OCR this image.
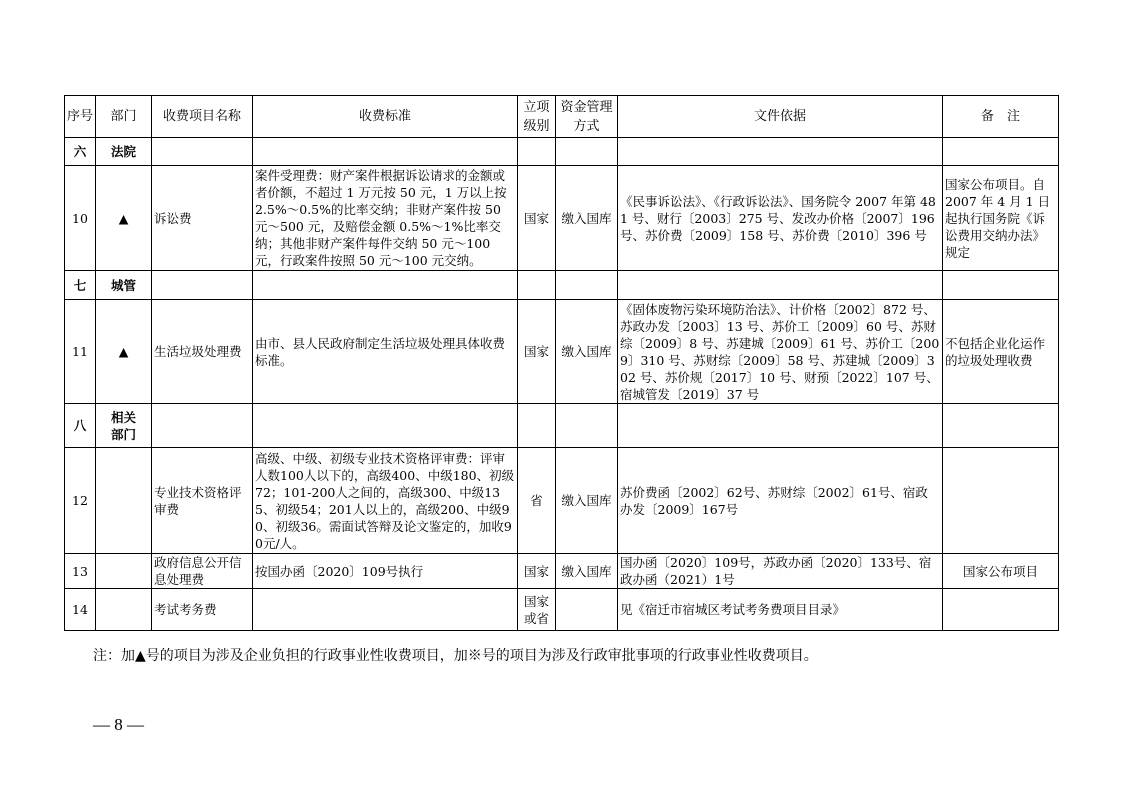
序号	部门	收费项目名称	收费标准	立项级别	资金管理方式	文件依据	备　注
六	法院						
10	▲	诉讼费	案件受理费：财产案件根据诉讼请求的金额或者价额，不超过 1 万元按 50 元，1 万以上按 2.5%～0.5%的比率交纳；非财产案件按 50 元～500 元，及赔偿金额 0.5%～1%比率交纳；其他非财产案件每件交纳 50 元～100 元，行政案件按照 50 元～100 元交纳。	国家	缴入国库	《民事诉讼法》、《行政诉讼法》、国务院令 2007 年第 481 号、财行〔2003〕275 号、发改办价格〔2007〕196 号、苏价费〔2009〕158 号、苏价费〔2010〕396 号	国家公布项目。自 2007 年 4 月 1 日起执行国务院《诉讼费用交纳办法》规定

七	城管						
11	▲	生活垃圾处理费	由市、县人民政府制定生活垃圾处理具体收费标准。	国家	缴入国库	《固体废物污染环境防治法》、计价格〔2002〕872 号、苏政办发〔2003〕13 号、苏价工〔2009〕60 号、苏财综〔2009〕8 号、苏建城〔2009〕61 号、苏价工〔2009〕310 号、苏财综〔2009〕58 号、苏建城〔2009〕302 号、苏价规〔2017〕10 号、财预〔2022〕107 号、宿城管发〔2019〕37 号	不包括企业化运作的垃圾处理收费

八	相关部门						

12		专业技术资格评审费	高级、中级、初级专业技术资格评审费：评审人数100人以下的，高级400、中级180、初级72；101-200人之间的，高级300、中级135、初级54；201人以上的，高级200、中级90、初级36。需面试答辩及论文鉴定的，加收90元/人。	省	缴入国库	苏价费函〔2002〕62号、苏财综〔2002〕61号、宿政办发〔2009〕167号	

13		政府信息公开信息处理费	按国办函〔2020〕109号执行	国家	缴入国库	国办函〔2020〕109号，苏政办函〔2020〕133号、宿政办函（2021）1号	国家公布项目

14		考试考务费		国家或省		见《宿迁市宿城区考试考务费项目目录》	

注：加▲号的项目为涉及企业负担的行政事业性收费项目，加※号的项目为涉及行政审批事项的行政事业性收费项目。
— 8 —
